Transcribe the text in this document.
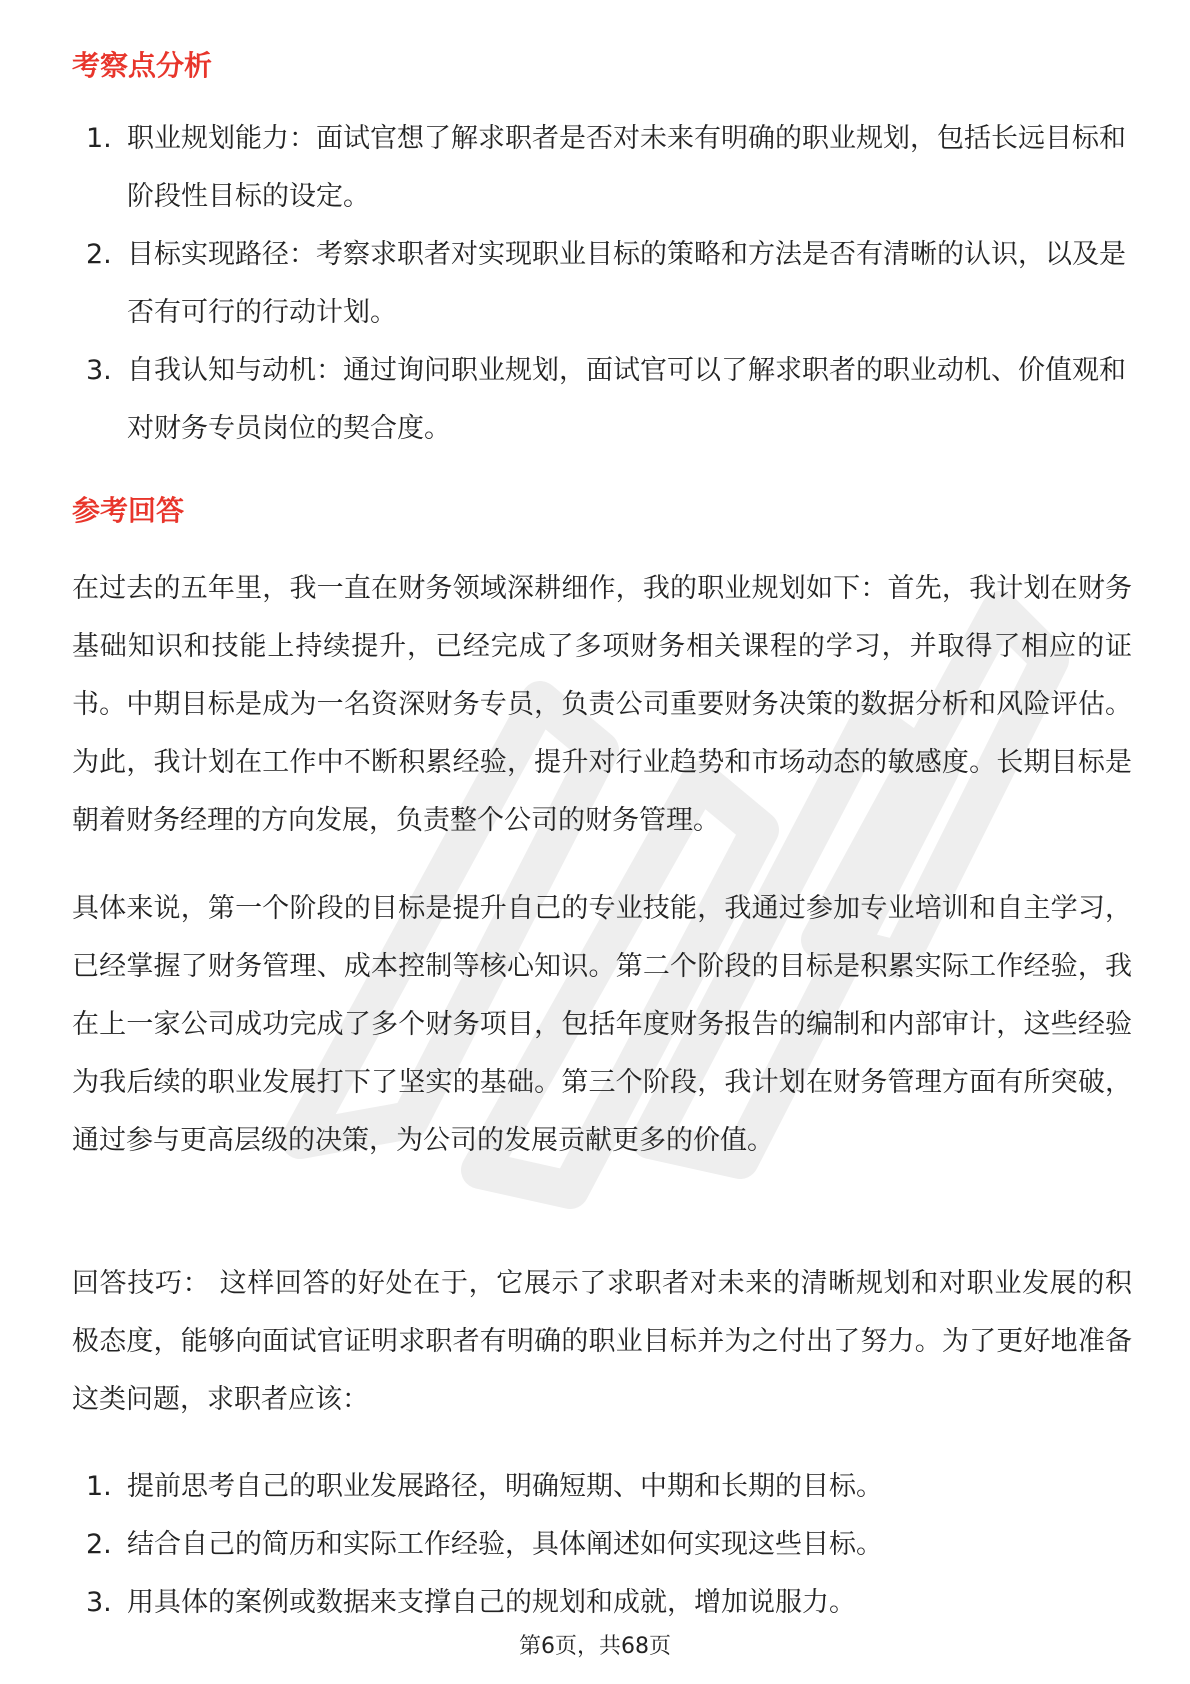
考察点分析
1. 职业规划能力：面试官想了解求职者是否对未来有明确的职业规划，包括长远目标和阶段性目标的设定。
2. 目标实现路径：考察求职者对实现职业目标的策略和方法是否有清晰的认识，以及是否有可行的行动计划。
3. 自我认知与动机：通过询问职业规划，面试官可以了解求职者的职业动机、价值观和对财务专员岗位的契合度。
参考回答

在过去的五年里，我一直在财务领域深耕细作，我的职业规划如下：首先，我计划在财务基础知识和技能上持续提升，已经完成了多项财务相关课程的学习，并取得了相应的证书。中期目标是成为一名资深财务专员，负责公司重要财务决策的数据分析和风险评估。为此，我计划在工作中不断积累经验，提升对行业趋势和市场动态的敏感度。长期目标是朝着财务经理的方向发展，负责整个公司的财务管理。

具体来说，第一个阶段的目标是提升自己的专业技能，我通过参加专业培训和自主学习，已经掌握了财务管理、成本控制等核心知识。第二个阶段的目标是积累实际工作经验，我在上一家公司成功完成了多个财务项目，包括年度财务报告的编制和内部审计，这些经验为我后续的职业发展打下了坚实的基础。第三个阶段，我计划在财务管理方面有所突破，通过参与更高层级的决策，为公司的发展贡献更多的价值。

回答技巧： 这样回答的好处在于，它展示了求职者对未来的清晰规划和对职业发展的积极态度，能够向面试官证明求职者有明确的职业目标并为之付出了努力。为了更好地准备这类问题，求职者应该：

1. 提前思考自己的职业发展路径，明确短期、中期和长期的目标。
2. 结合自己的简历和实际工作经验，具体阐述如何实现这些目标。
3. 用具体的案例或数据来支撑自己的规划和成就，增加说服力。
第6页，共68页
